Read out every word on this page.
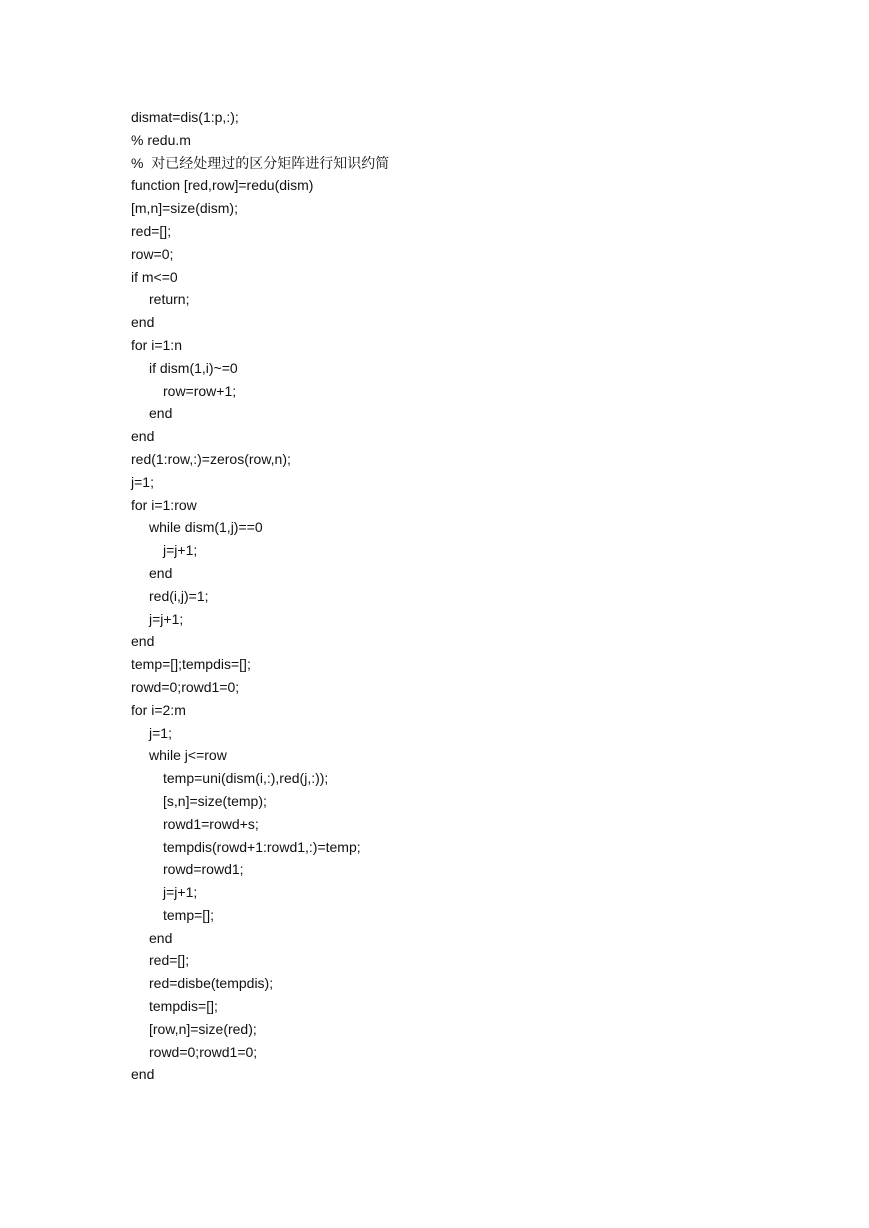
dismat=dis(1:p,:);
% redu.m
%  对已经处理过的区分矩阵进行知识约简
function [red,row]=redu(dism)
[m,n]=size(dism);
red=[];
row=0;
if m<=0
return;
end
for i=1:n
if dism(1,i)~=0
row=row+1;
end
end
red(1:row,:)=zeros(row,n);
j=1;
for i=1:row
while dism(1,j)==0
j=j+1;
end
red(i,j)=1;
j=j+1;
end
temp=[];tempdis=[];
rowd=0;rowd1=0;
for i=2:m
j=1;
while j<=row
temp=uni(dism(i,:),red(j,:));
[s,n]=size(temp);
rowd1=rowd+s;
tempdis(rowd+1:rowd1,:)=temp;
rowd=rowd1;
j=j+1;
temp=[];
end
red=[];
red=disbe(tempdis);
tempdis=[];
[row,n]=size(red);
rowd=0;rowd1=0;
end
